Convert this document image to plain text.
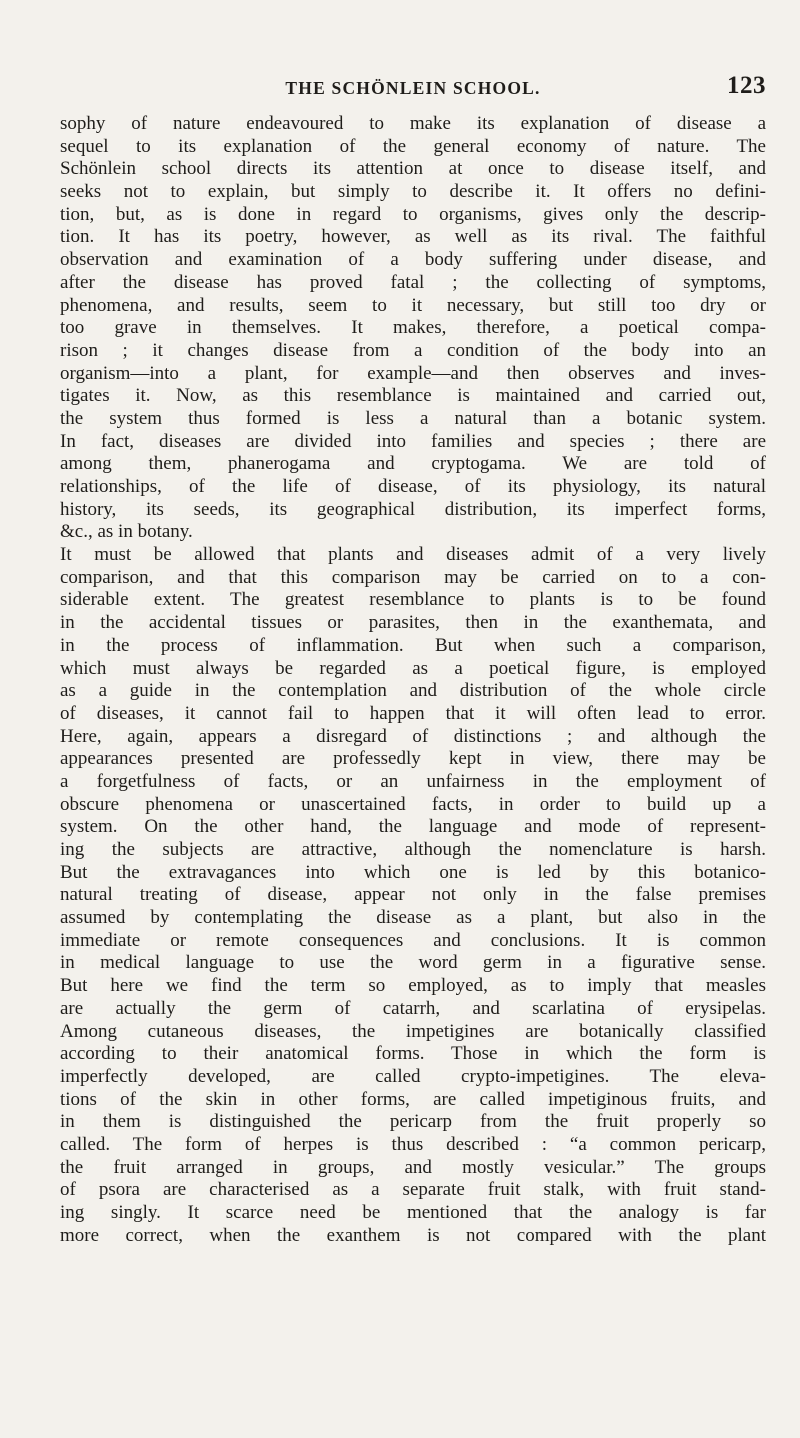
THE SCHÖNLEIN SCHOOL.	123
sophy of nature endeavoured to make its explanation of disease a
sequel to its explanation of the general economy of nature. The
Schönlein school directs its attention at once to disease itself, and
seeks not to explain, but simply to describe it. It offers no defini-
tion, but, as is done in regard to organisms, gives only the descrip-
tion. It has its poetry, however, as well as its rival. The faithful
observation and examination of a body suffering under disease, and
after the disease has proved fatal ; the collecting of symptoms,
phenomena, and results, seem to it necessary, but still too dry or
too grave in themselves. It makes, therefore, a poetical compa-
rison ; it changes disease from a condition of the body into an
organism—into a plant, for example—and then observes and inves-
tigates it. Now, as this resemblance is maintained and carried out,
the system thus formed is less a natural than a botanic system.
In fact, diseases are divided into families and species ; there are
among them, phanerogama and cryptogama. We are told of
relationships, of the life of disease, of its physiology, its natural
history, its seeds, its geographical distribution, its imperfect forms,
&c., as in botany.
It must be allowed that plants and diseases admit of a very lively
comparison, and that this comparison may be carried on to a con-
siderable extent. The greatest resemblance to plants is to be found
in the accidental tissues or parasites, then in the exanthemata, and
in the process of inflammation. But when such a comparison,
which must always be regarded as a poetical figure, is employed
as a guide in the contemplation and distribution of the whole circle
of diseases, it cannot fail to happen that it will often lead to error.
Here, again, appears a disregard of distinctions ; and although the
appearances presented are professedly kept in view, there may be
a forgetfulness of facts, or an unfairness in the employment of
obscure phenomena or unascertained facts, in order to build up a
system. On the other hand, the language and mode of represent-
ing the subjects are attractive, although the nomenclature is harsh.
But the extravagances into which one is led by this botanico-
natural treating of disease, appear not only in the false premises
assumed by contemplating the disease as a plant, but also in the
immediate or remote consequences and conclusions. It is common
in medical language to use the word germ in a figurative sense.
But here we find the term so employed, as to imply that measles
are actually the germ of catarrh, and scarlatina of erysipelas.
Among cutaneous diseases, the impetigines are botanically classified
according to their anatomical forms. Those in which the form is
imperfectly developed, are called crypto-impetigines. The eleva-
tions of the skin in other forms, are called impetiginous fruits, and
in them is distinguished the pericarp from the fruit properly so
called. The form of herpes is thus described : “a common pericarp,
the fruit arranged in groups, and mostly vesicular.” The groups
of psora are characterised as a separate fruit stalk, with fruit stand-
ing singly. It scarce need be mentioned that the analogy is far
more correct, when the exanthem is not compared with the plant
